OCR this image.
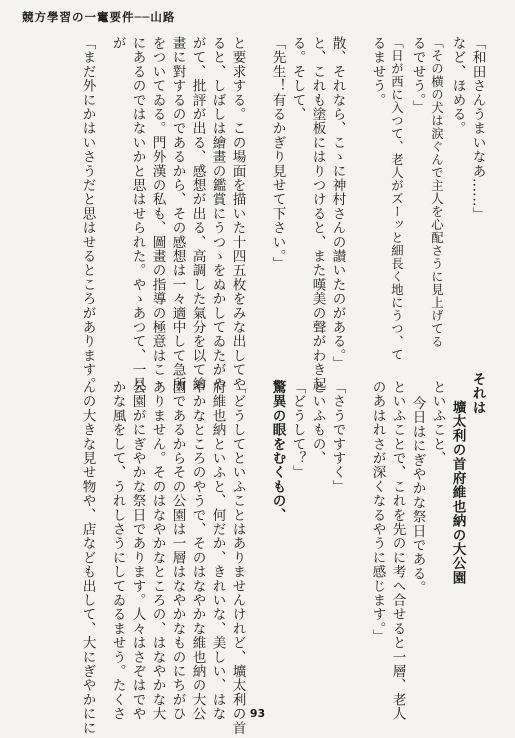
競方學習の一竃要件──山路
「和田さんうまいなあ‥‥‥」
など、ほめる。
「その横の犬は涙ぐんで主人を心配さうに見上げてる
るでせう。」
「日が西に入つて、老人がズーッと細長く地にうつ、て
るませう。
散、それなら、こゝに神村さんの讃いたのがある。」
と、これも塗板にはりつけると、また嘆美の聲がわき起
る。そして、
「先生！有るかぎり見せて下さい。」
と要求する。この場面を描いた十四五枚をみな出してや
ると、しばしは繪畫の鑑賞にうつゝをぬかしてゐたがや
がて、批評が出る、感想が出る、高調した氣分を以て繪
畫に對するのであるから、その感想は一々適中して急所
をついてゐる。門外漢の私も、圖畫の指導の極意はこゝ
にあるのではないかと思はせられた。やゝあつて、一見
が
「まだ外にかはいさうだと思はせるところがあります。
それは
壙太利の首府維也納の大公園
といふこと、
今日はにぎやかな祭日である。
といふことで、これを先のに考へ合せると一層、老人
のあはれさが深くなるやうに感じます。」
「さうですすく」
といふもの、
「どうして？」
驚異の眼をむくもの、
「どうしてといふことはありませんけれど、壙太利の首
府維也納といふと、何だか、きれいな、美しい、はな
やかなところのやうで、そのはなやかな維也納の大公
園であるからその公園は一層はなやかなものにちがひ
ありません。そのはなやかなところの、はなやかな大
公園がにぎやかな祭日であります。人々はさぞはでや
かな風をして、うれしさうにしてゐるませう。たくさ
んの大きな見せ物や、店なども出して、大にぎやかにに	93
